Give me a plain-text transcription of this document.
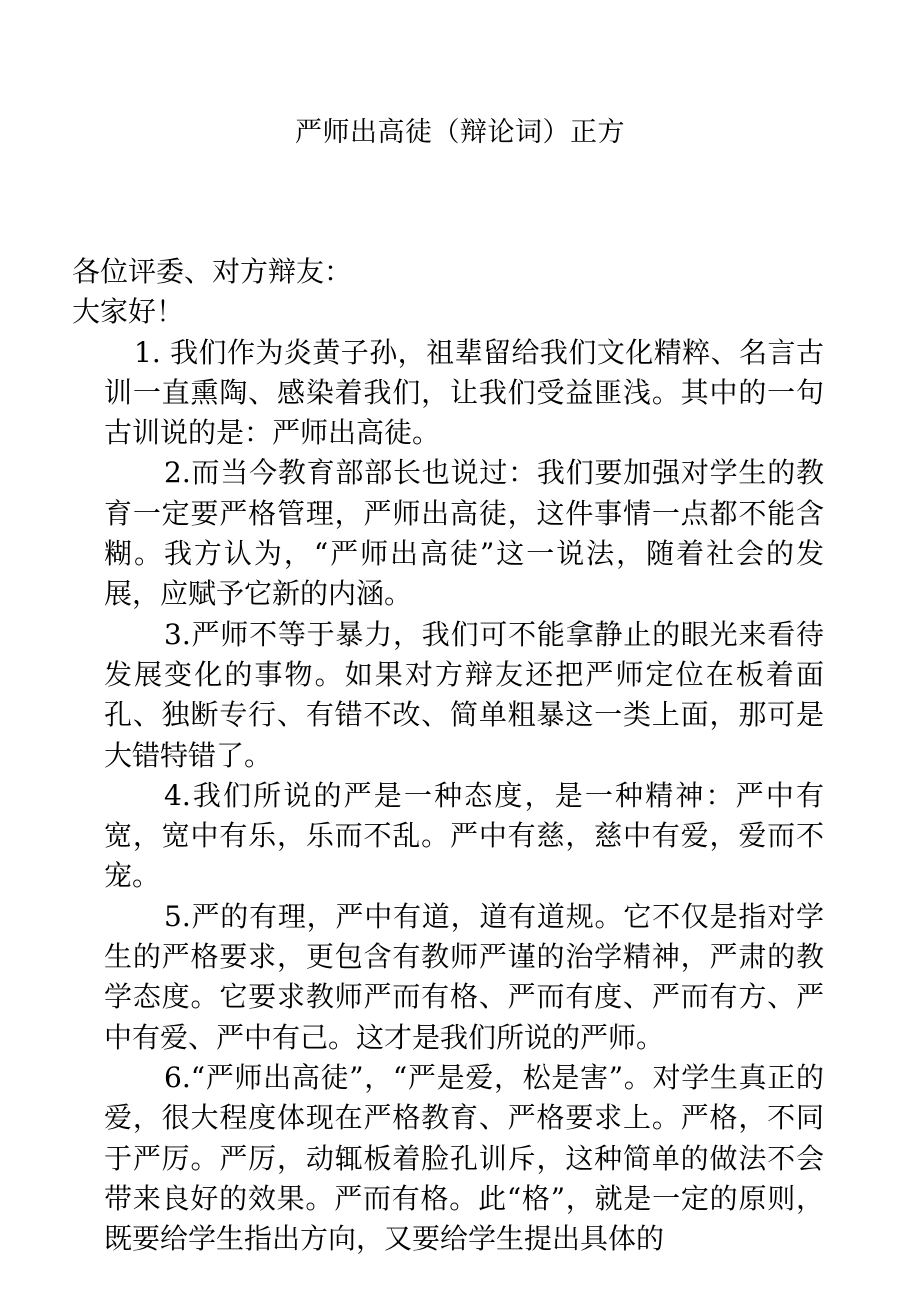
严师出高徒（辩论词）正方

各位评委、对方辩友：

大家好！

1. 我们作为炎黄子孙，祖辈留给我们文化精粹、名言古训一直熏陶、感染着我们，让我们受益匪浅。其中的一句古训说的是：严师出高徒。

2.而当今教育部部长也说过：我们要加强对学生的教育一定要严格管理，严师出高徒，这件事情一点都不能含糊。我方认为，“严师出高徒”这一说法，随着社会的发展，应赋予它新的内涵。

3.严师不等于暴力，我们可不能拿静止的眼光来看待发展变化的事物。如果对方辩友还把严师定位在板着面孔、独断专行、有错不改、简单粗暴这一类上面，那可是大错特错了。

4.我们所说的严是一种态度，是一种精神：严中有宽，宽中有乐，乐而不乱。严中有慈，慈中有爱，爱而不宠。

5.严的有理，严中有道，道有道规。它不仅是指对学生的严格要求，更包含有教师严谨的治学精神，严肃的教学态度。它要求教师严而有格、严而有度、严而有方、严中有爱、严中有己。这才是我们所说的严师。

6.“严师出高徒”，“严是爱，松是害”。对学生真正的爱，很大程度体现在严格教育、严格要求上。严格，不同于严厉。严厉，动辄板着脸孔训斥，这种简单的做法不会带来良好的效果。严而有格。此“格”，就是一定的原则，既要给学生指出方向，又要给学生提出具体的
